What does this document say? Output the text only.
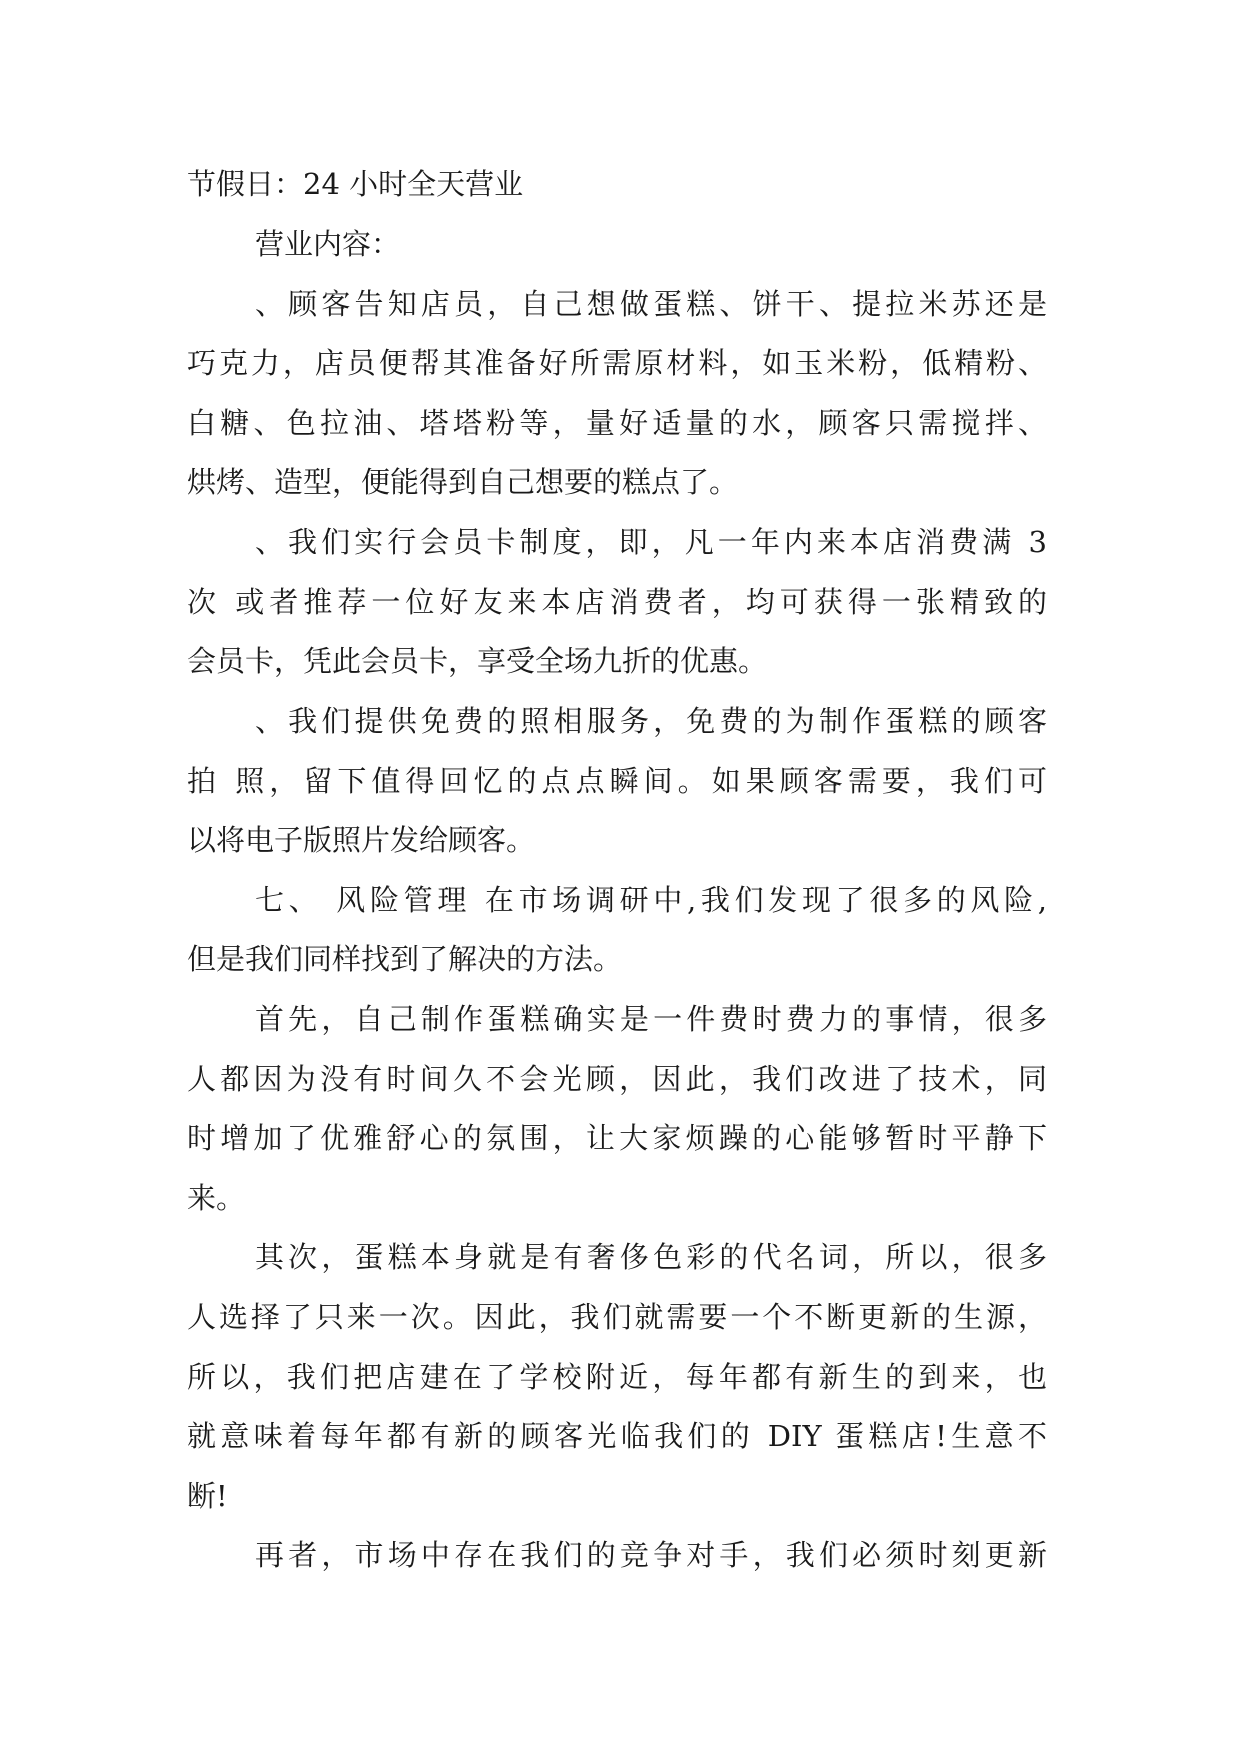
节假日：24 小时全天营业

营业内容：

、顾客告知店员，自己想做蛋糕、饼干、提拉米苏还是

巧克力，店员便帮其准备好所需原材料，如玉米粉，低精粉、

白糖、色拉油、塔塔粉等，量好适量的水，顾客只需搅拌、

烘烤、造型，便能得到自己想要的糕点了。

、我们实行会员卡制度，即，凡一年内来本店消费满 3

次 或者推荐一位好友来本店消费者，均可获得一张精致的

会员卡，凭此会员卡，享受全场九折的优惠。

、我们提供免费的照相服务，免费的为制作蛋糕的顾客

拍 照，留下值得回忆的点点瞬间。如果顾客需要，我们可

以将电子版照片发给顾客。

七、 风险管理 在市场调研中,我们发现了很多的风险,

但是我们同样找到了解决的方法。

首先，自己制作蛋糕确实是一件费时费力的事情，很多

人都因为没有时间久不会光顾，因此，我们改进了技术，同

时增加了优雅舒心的氛围，让大家烦躁的心能够暂时平静下

来。

其次，蛋糕本身就是有奢侈色彩的代名词，所以，很多

人选择了只来一次。因此，我们就需要一个不断更新的生源，

所以，我们把店建在了学校附近，每年都有新生的到来，也

就意味着每年都有新的顾客光临我们的 DIY 蛋糕店!生意不

断!

再者，市场中存在我们的竞争对手，我们必须时刻更新
